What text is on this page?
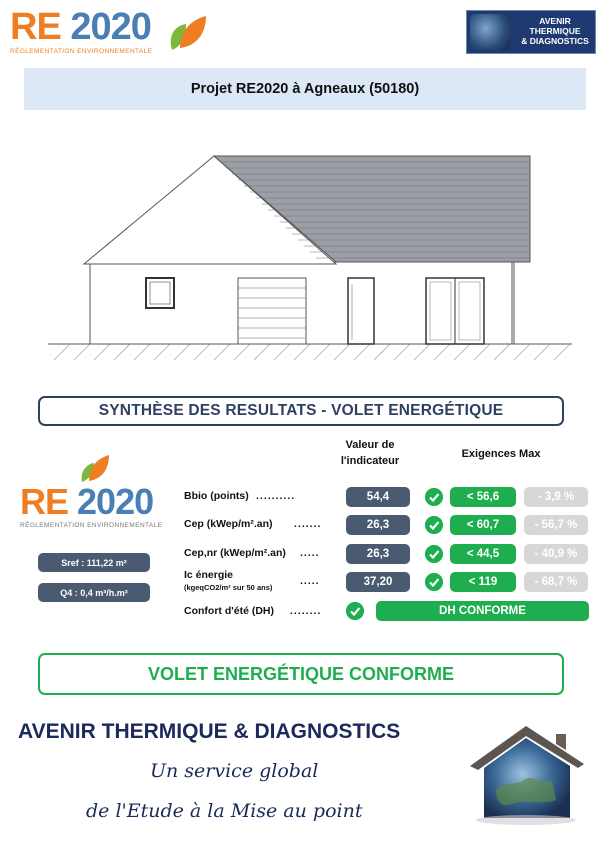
RE 2020
RÉGLEMENTATION ENVIRONNEMENTALE
AVENIR
THERMIQUE
& DIAGNOSTICS
Projet RE2020 à Agneaux (50180)
SYNTHÈSE DES RESULTATS - VOLET ENERGÉTIQUE
Valeur de
l'indicateur
Exigences Max
RE 2020
RÉGLEMENTATION ENVIRONNEMENTALE
Sref : 111,22 m²
Q4 : 0,4 m³/h.m²
Bbio (points) ..........	54,4	< 56,6	- 3,9 %
Cep (kWep/m².an) .......	26,3	< 60,7	- 56,7 %
Cep,nr (kWep/m².an) .....	26,3	< 44,5	- 40,9 %
Ic énergie
(kgeqCO2/m² sur 50 ans)
.....	37,20	< 119	- 68,7 %
Confort d'été (DH) ........	DH CONFORME
VOLET ENERGÉTIQUE CONFORME
AVENIR THERMIQUE & DIAGNOSTICS
Un service global
de l'Etude à la Mise au point
